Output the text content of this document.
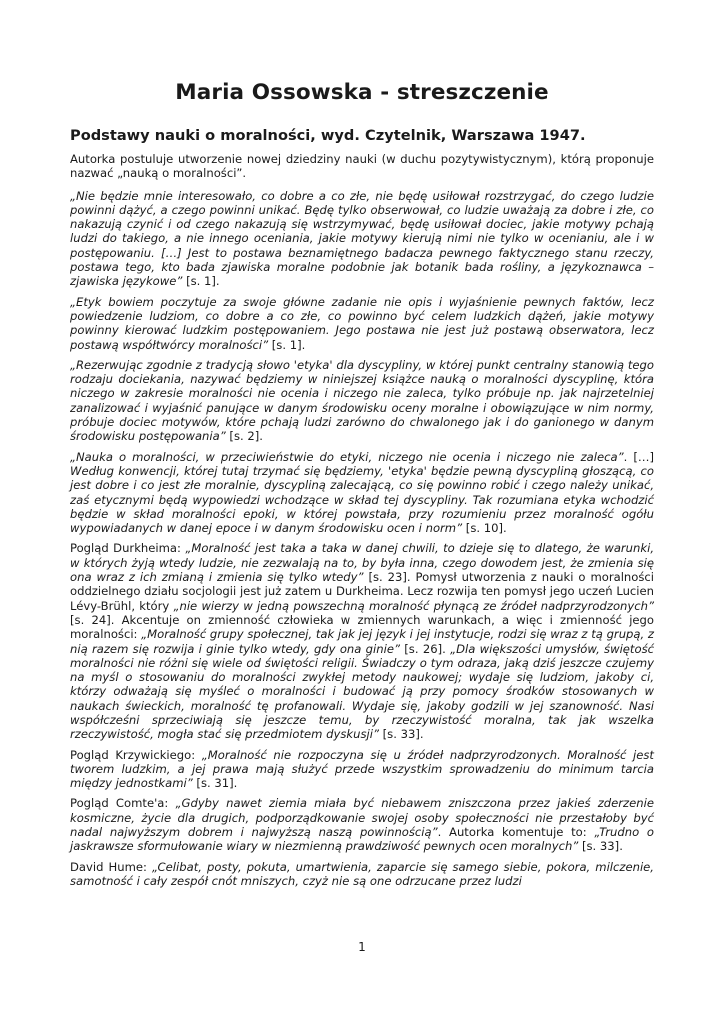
Maria Ossowska - streszczenie
Podstawy nauki o moralności, wyd. Czytelnik, Warszawa 1947.

Autorka postuluje utworzenie nowej dziedziny nauki (w duchu pozytywistycznym), którą proponuje nazwać „nauką o moralności”.

„Nie będzie mnie interesowało, co dobre a co złe, nie będę usiłował rozstrzygać, do czego ludzie powinni dążyć, a czego powinni unikać. Będę tylko obserwował, co ludzie uważają za dobre i złe, co nakazują czynić i od czego nakazują się wstrzymywać, będę usiłował dociec, jakie motywy pchają ludzi do takiego, a nie innego oceniania, jakie motywy kierują nimi nie tylko w ocenianiu, ale i w postępowaniu. […] Jest to postawa beznamiętnego badacza pewnego faktycznego stanu rzeczy, postawa tego, kto bada zjawiska moralne podobnie jak botanik bada rośliny, a językoznawca – zjawiska językowe” [s. 1].

„Etyk bowiem poczytuje za swoje główne zadanie nie opis i wyjaśnienie pewnych faktów, lecz powiedzenie ludziom, co dobre a co złe, co powinno być celem ludzkich dążeń, jakie motywy powinny kierować ludzkim postępowaniem. Jego postawa nie jest już postawą obserwatora, lecz postawą współtwórcy moralności” [s. 1].

„Rezerwując zgodnie z tradycją słowo 'etyka' dla dyscypliny, w której punkt centralny stanowią tego rodzaju dociekania, nazywać będziemy w niniejszej książce nauką o moralności dyscyplinę, która niczego w zakresie moralności nie ocenia i niczego nie zaleca, tylko próbuje np. jak najrzetelniej zanalizować i wyjaśnić panujące w danym środowisku oceny moralne i obowiązujące w nim normy, próbuje dociec motywów, które pchają ludzi zarówno do chwalonego jak i do ganionego w danym środowisku postępowania” [s. 2].

„Nauka o moralności, w przeciwieństwie do etyki, niczego nie ocenia i niczego nie zaleca”. […] Według konwencji, której tutaj trzymać się będziemy, 'etyka' będzie pewną dyscypliną głoszącą, co jest dobre i co jest złe moralnie, dyscypliną zalecającą, co się powinno robić i czego należy unikać, zaś etycznymi będą wypowiedzi wchodzące w skład tej dyscypliny. Tak rozumiana etyka wchodzić będzie w skład moralności epoki, w której powstała, przy rozumieniu przez moralność ogółu wypowiadanych w danej epoce i w danym środowisku ocen i norm” [s. 10].

Pogląd Durkheima: „Moralność jest taka a taka w danej chwili, to dzieje się to dlatego, że warunki, w których żyją wtedy ludzie, nie zezwalają na to, by była inna, czego dowodem jest, że zmienia się ona wraz z ich zmianą i zmienia się tylko wtedy” [s. 23]. Pomysł utworzenia z nauki o moralności oddzielnego działu socjologii jest już zatem u Durkheima. Lecz rozwija ten pomysł jego uczeń Lucien Lévy-Brühl, który „nie wierzy w jedną powszechną moralność płynącą ze źródeł nadprzyrodzonych” [s. 24]. Akcentuje on zmienność człowieka w zmiennych warunkach, a więc i zmienność jego moralności: „Moralność grupy społecznej, tak jak jej język i jej instytucje, rodzi się wraz z tą grupą, z nią razem się rozwija i ginie tylko wtedy, gdy ona ginie” [s. 26]. „Dla większości umysłów, świętość moralności nie różni się wiele od świętości religii. Świadczy o tym odraza, jaką dziś jeszcze czujemy na myśl o stosowaniu do moralności zwykłej metody naukowej; wydaje się ludziom, jakoby ci, którzy odważają się myśleć o moralności i budować ją przy pomocy środków stosowanych w naukach świeckich, moralność tę profanowali. Wydaje się, jakoby godzili w jej szanowność. Nasi współcześni sprzeciwiają się jeszcze temu, by rzeczywistość moralna, tak jak wszelka rzeczywistość, mogła stać się przedmiotem dyskusji” [s. 33].

Pogląd Krzywickiego: „Moralność nie rozpoczyna się u źródeł nadprzyrodzonych. Moralność jest tworem ludzkim, a jej prawa mają służyć przede wszystkim sprowadzeniu do minimum tarcia między jednostkami” [s. 31].

Pogląd Comte'a: „Gdyby nawet ziemia miała być niebawem zniszczona przez jakieś zderzenie kosmiczne, życie dla drugich, podporządkowanie swojej osoby społeczności nie przestałoby być nadal najwyższym dobrem i najwyższą naszą powinnością”. Autorka komentuje to: „Trudno o jaskrawsze sformułowanie wiary w niezmienną prawdziwość pewnych ocen moralnych” [s. 33].

David Hume: „Celibat, posty, pokuta, umartwienia, zaparcie się samego siebie, pokora, milczenie, samotność i cały zespół cnót mniszych, czyż nie są one odrzucane przez ludzi

1
